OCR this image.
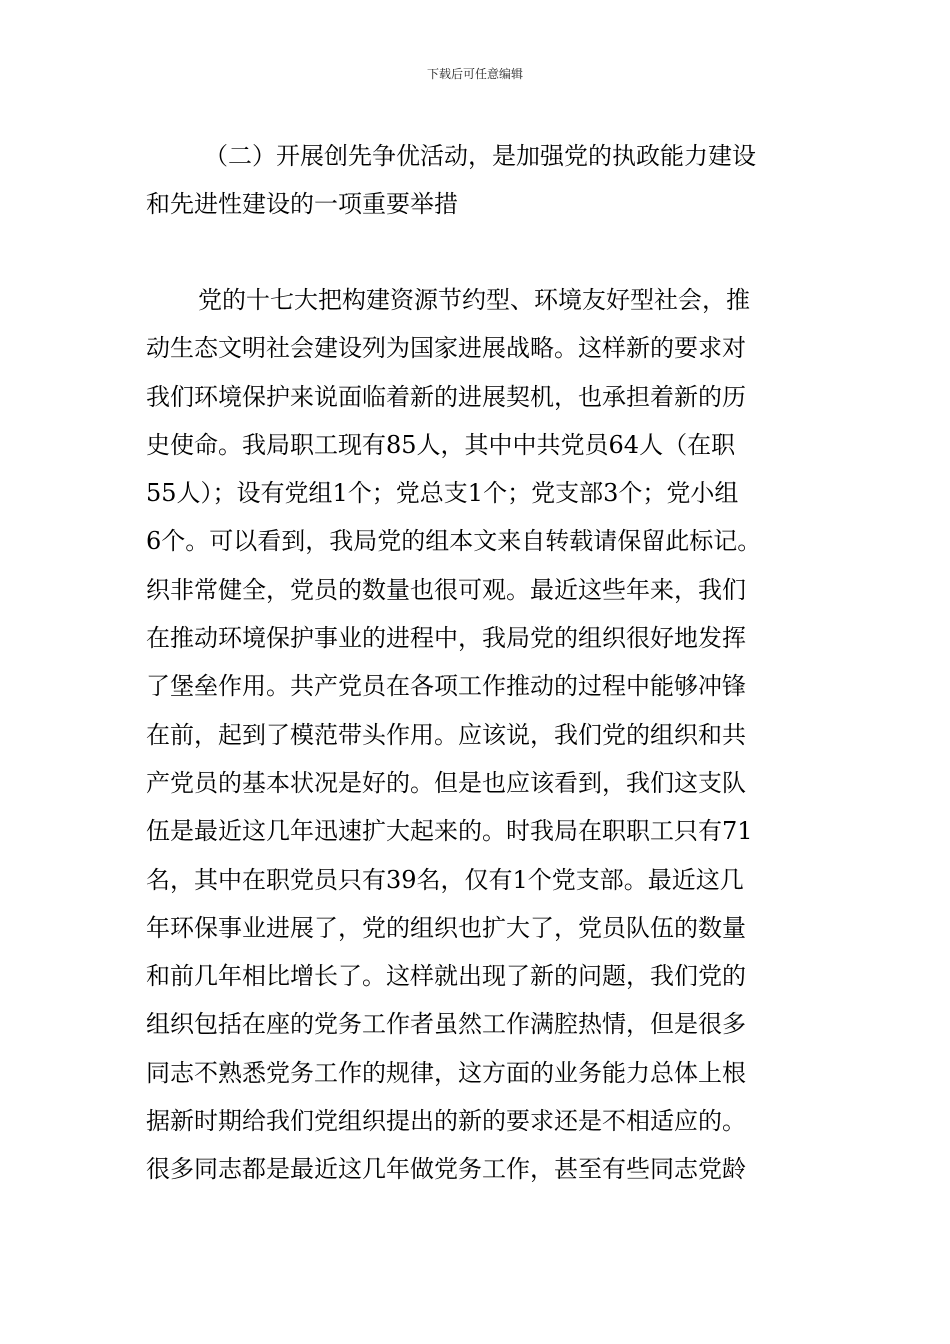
下载后可任意编辑
（二）开展创先争优活动，是加强党的执政能力建设
和先进性建设的一项重要举措
党的十七大把构建资源节约型、环境友好型社会，推
动生态文明社会建设列为国家进展战略。这样新的要求对
我们环境保护来说面临着新的进展契机，也承担着新的历
史使命。我局职工现有85人，其中中共党员64人（在职
55人）；设有党组1个；党总支1个；党支部3个；党小组
6个。可以看到，我局党的组本文来自转载请保留此标记。
织非常健全，党员的数量也很可观。最近这些年来，我们
在推动环境保护事业的进程中，我局党的组织很好地发挥
了堡垒作用。共产党员在各项工作推动的过程中能够冲锋
在前，起到了模范带头作用。应该说，我们党的组织和共
产党员的基本状况是好的。但是也应该看到，我们这支队
伍是最近这几年迅速扩大起来的。时我局在职职工只有71
名，其中在职党员只有39名，仅有1个党支部。最近这几
年环保事业进展了，党的组织也扩大了，党员队伍的数量
和前几年相比增长了。这样就出现了新的问题，我们党的
组织包括在座的党务工作者虽然工作满腔热情，但是很多
同志不熟悉党务工作的规律，这方面的业务能力总体上根
据新时期给我们党组织提出的新的要求还是不相适应的。
很多同志都是最近这几年做党务工作，甚至有些同志党龄
